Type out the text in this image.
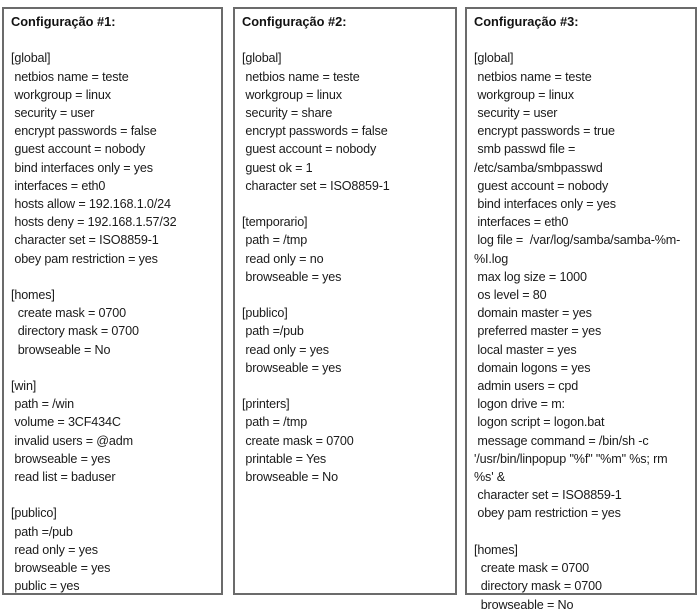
Configuração #1:

[global]
netbios name = teste
workgroup = linux
security = user
encrypt passwords = false
guest account = nobody
bind interfaces only = yes
interfaces = eth0
hosts allow = 192.168.1.0/24
hosts deny = 192.168.1.57/32
character set = ISO8859-1
obey pam restriction = yes

[homes]
create mask = 0700
directory mask = 0700
browseable = No

[win]
path = /win
volume = 3CF434C
invalid users = @adm
browseable = yes
read list = baduser

[publico]
path =/pub
read only = yes
browseable = yes
public = yes
Configuração #2:

[global]
netbios name = teste
workgroup = linux
security = share
encrypt passwords = false
guest account = nobody
guest ok = 1
character set = ISO8859-1

[temporario]
path = /tmp
read only = no
browseable = yes

[publico]
path =/pub
read only = yes
browseable = yes

[printers]
path = /tmp
create mask = 0700
printable = Yes
browseable = No
Configuração #3:

[global]
netbios name = teste
workgroup = linux
security = user
encrypt passwords = true
smb passwd file =
/etc/samba/smbpasswd
guest account = nobody
bind interfaces only = yes
interfaces = eth0
log file =  /var/log/samba/samba-%m-
%I.log
max log size = 1000
os level = 80
domain master = yes
preferred master = yes
local master = yes
domain logons = yes
admin users = cpd
logon drive = m:
logon script = logon.bat
message command = /bin/sh -c
'/usr/bin/linpopup "%f" "%m" %s; rm
%s' &
character set = ISO8859-1
obey pam restriction = yes

[homes]
create mask = 0700
directory mask = 0700
browseable = No
